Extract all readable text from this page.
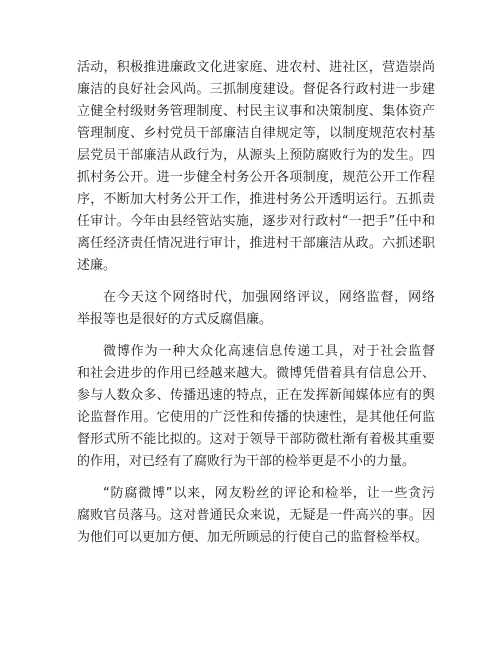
活动，积极推进廉政文化进家庭、进农村、进社区，营造崇尚
廉洁的良好社会风尚。三抓制度建设。督促各行政村进一步建
立健全村级财务管理制度、村民主议事和决策制度、集体资产
管理制度、乡村党员干部廉洁自律规定等，以制度规范农村基
层党员干部廉洁从政行为，从源头上预防腐败行为的发生。四
抓村务公开。进一步健全村务公开各项制度，规范公开工作程
序，不断加大村务公开工作，推进村务公开透明运行。五抓责
任审计。今年由县经管站实施，逐步对行政村“一把手”任中和
离任经济责任情况进行审计，推进村干部廉洁从政。六抓述职
述廉。
在今天这个网络时代，加强网络评议，网络监督，网络
举报等也是很好的方式反腐倡廉。
微博作为一种大众化高速信息传递工具，对于社会监督
和社会进步的作用已经越来越大。微博凭借着具有信息公开、
参与人数众多、传播迅速的特点，正在发挥新闻媒体应有的舆
论监督作用。它使用的广泛性和传播的快速性，是其他任何监
督形式所不能比拟的。这对于领导干部防微杜渐有着极其重要
的作用，对已经有了腐败行为干部的检举更是不小的力量。
“防腐微博”以来，网友粉丝的评论和检举，让一些贪污
腐败官员落马。这对普通民众来说，无疑是一件高兴的事。因
为他们可以更加方便、加无所顾忌的行使自己的监督检举权。
